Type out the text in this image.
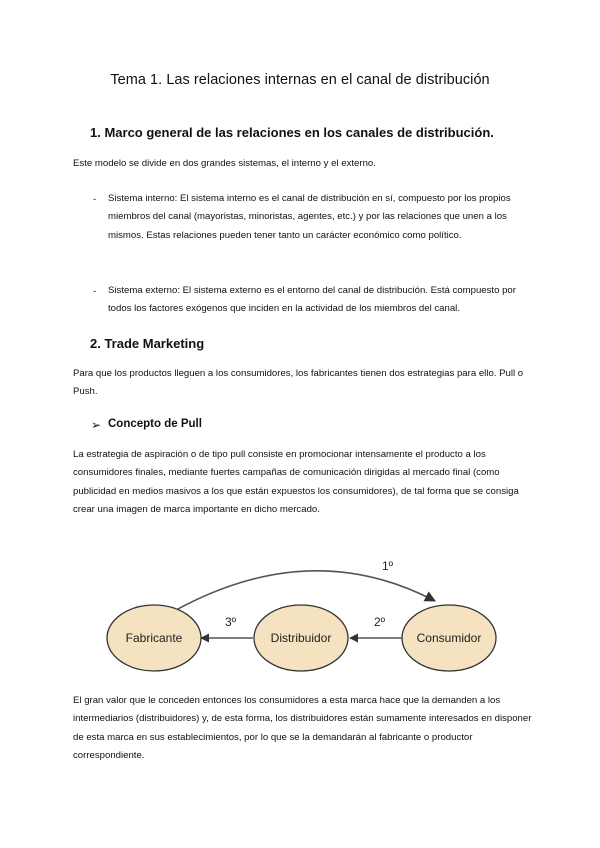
Tema 1. Las relaciones internas en el canal de distribución
1. Marco general de las relaciones en los canales de distribución.

Este modelo se divide en dos grandes sistemas, el interno y el externo.

- Sistema interno: El sistema interno es el canal de distribución en sí, compuesto por los propios miembros del canal (mayoristas, minoristas, agentes, etc.) y por las relaciones que unen a los mismos. Estas relaciones pueden tener tanto un carácter económico como político.

- Sistema externo: El sistema externo es el entorno del canal de distribución. Está compuesto por todos los factores exógenos que inciden en la actividad de los miembros del canal.

2. Trade Marketing

Para que los productos lleguen a los consumidores, los fabricantes tienen dos estrategias para ello. Pull o Push.

➢ Concepto de Pull

La estrategia de aspiración o de tipo pull consiste en promocionar intensamente el producto a los consumidores finales, mediante fuertes campañas de comunicación dirigidas al mercado final (como publicidad en medios masivos a los que están expuestos los consumidores), de tal forma que se consiga crear una imagen de marca importante en dicho mercado.

Fabricante	Distribuidor	Consumidor
1º
2º
3º

El gran valor que le conceden entonces los consumidores a esta marca hace que la demanden a los intermediarios (distribuidores) y, de esta forma, los distribuidores están sumamente interesados en disponer de esta marca en sus establecimientos, por lo que se la demandarán al fabricante o productor correspondiente.
